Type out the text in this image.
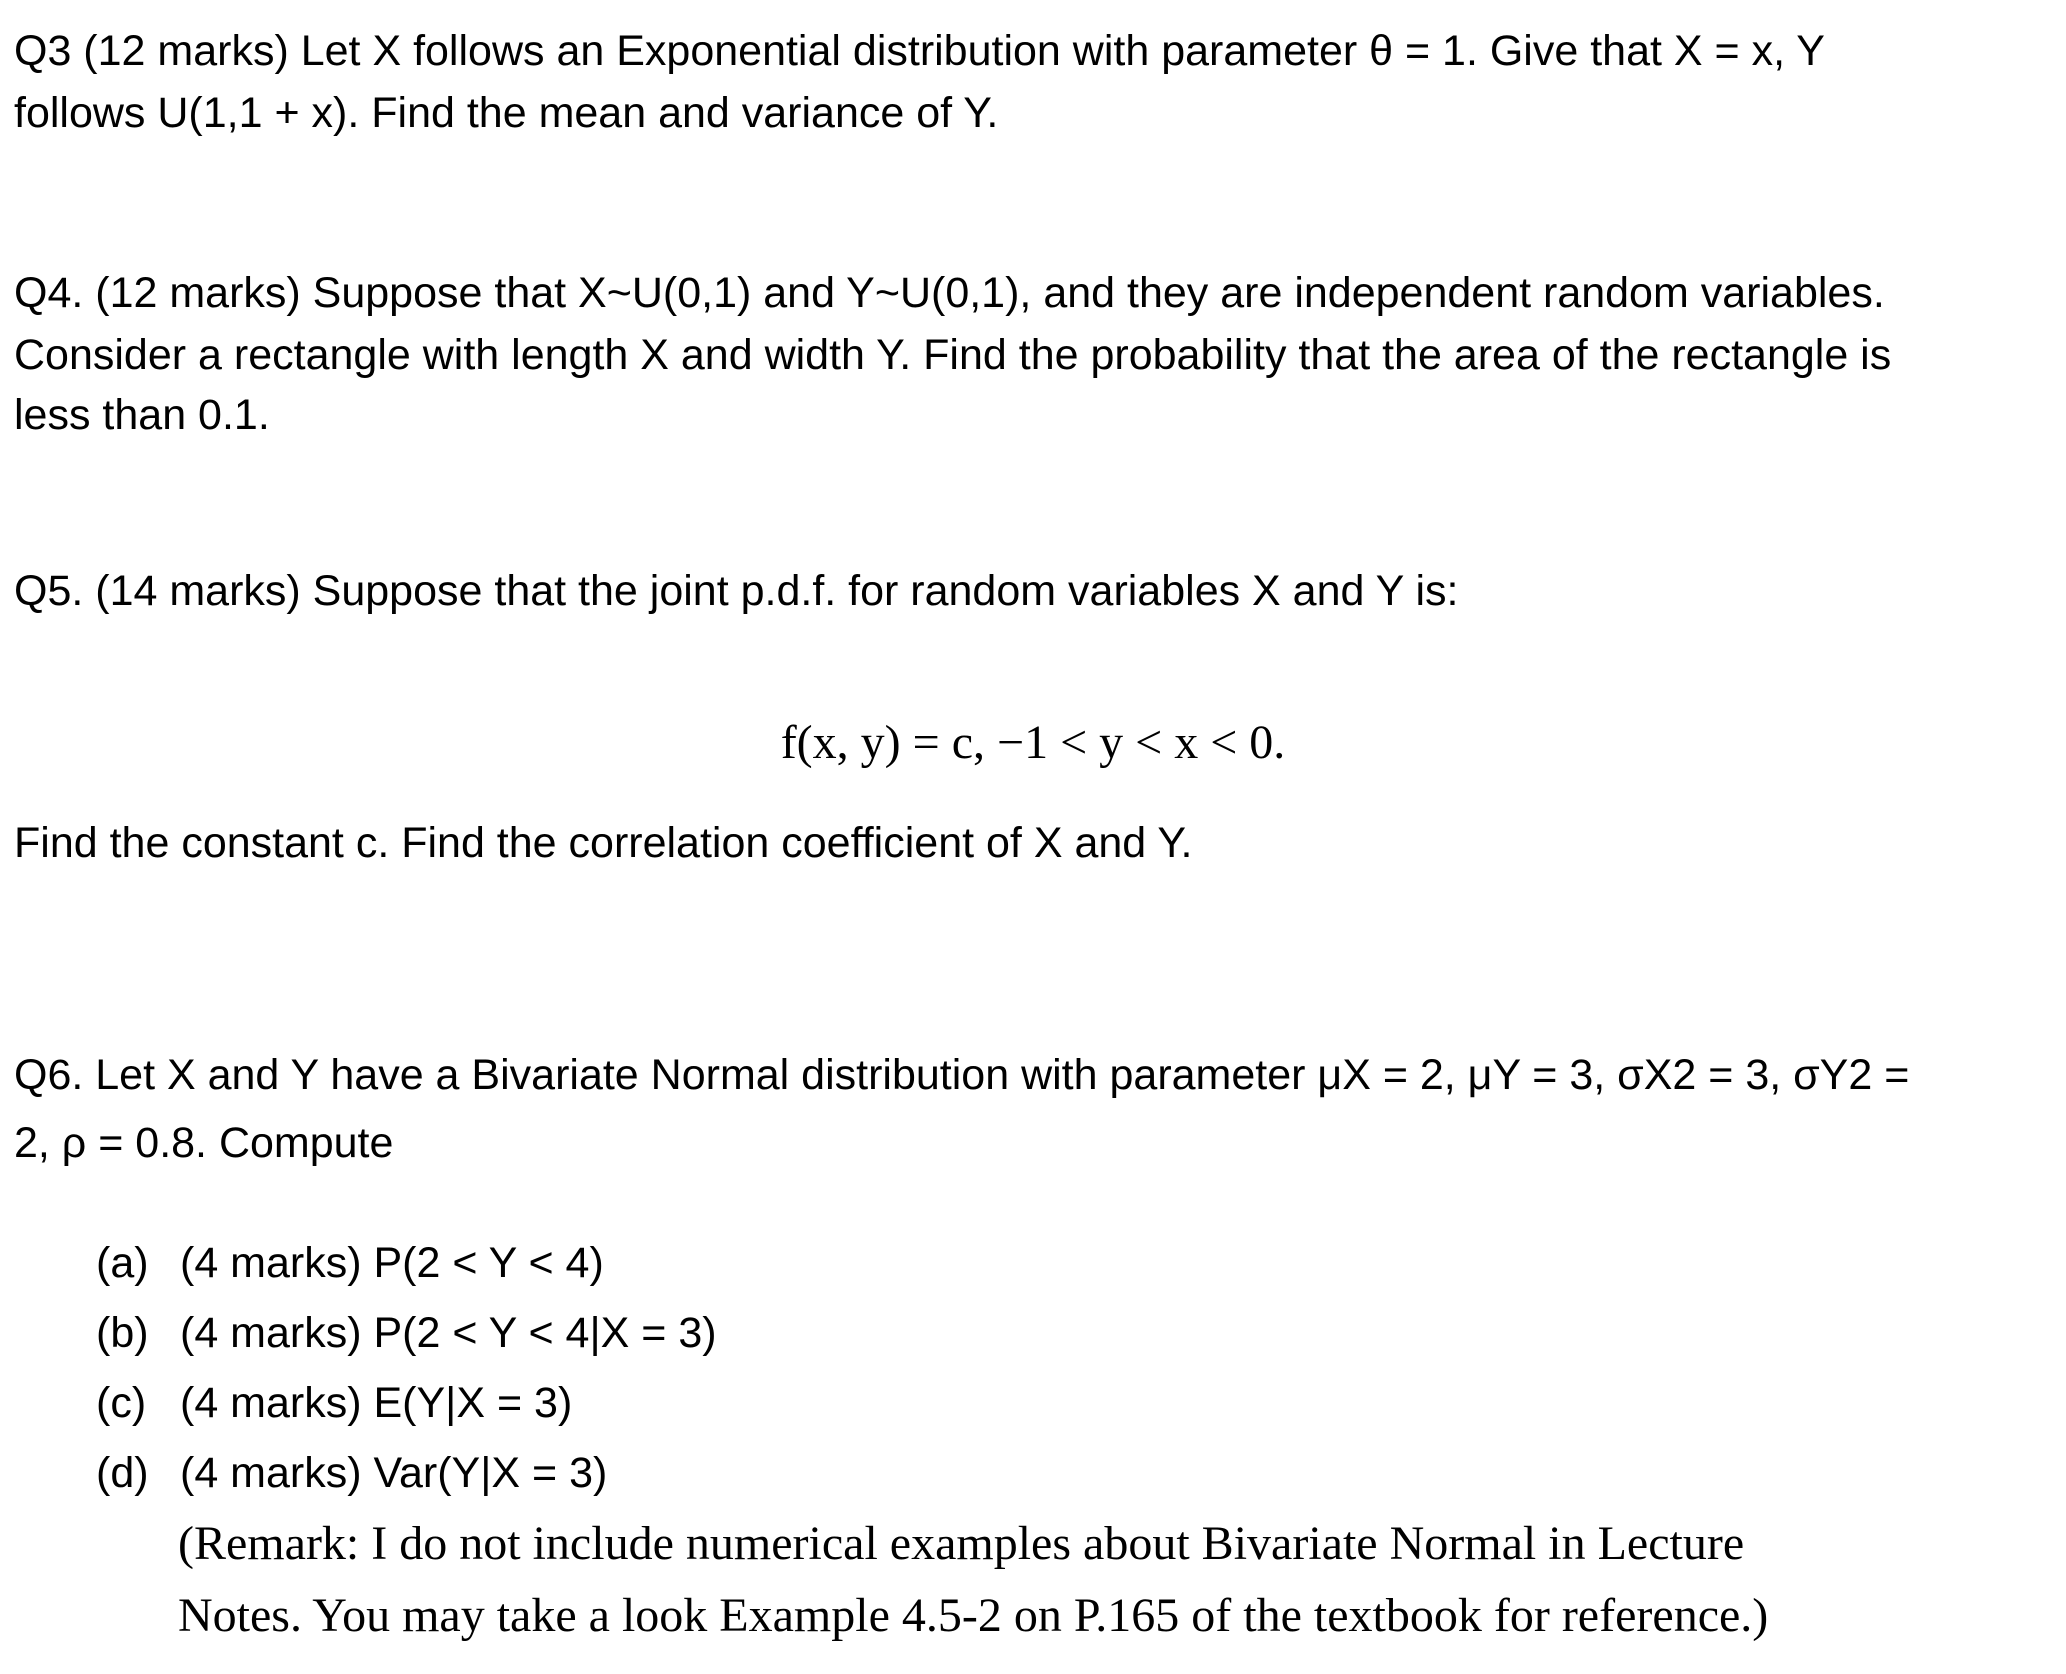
Q3 (12 marks) Let X follows an Exponential distribution with parameter θ = 1. Give that X = x, Y
follows U(1,1 + x). Find the mean and variance of Y.
Q4. (12 marks) Suppose that X~U(0,1) and Y~U(0,1), and they are independent random variables.
Consider a rectangle with length X and width Y. Find the probability that the area of the rectangle is
less than 0.1.
Q5. (14 marks) Suppose that the joint p.d.f. for random variables X and Y is:
f(x, y) = c, −1 < y < x < 0.
Find the constant c. Find the correlation coefficient of X and Y.
Q6. Let X and Y have a Bivariate Normal distribution with parameter μX = 2, μY = 3, σX2 = 3, σY2 =
2, ρ = 0.8. Compute
(a) (4 marks) P(2 < Y < 4)
(b) (4 marks) P(2 < Y < 4|X = 3)
(c) (4 marks) E(Y|X = 3)
(d) (4 marks) Var(Y|X = 3)
(Remark: I do not include numerical examples about Bivariate Normal in Lecture
Notes. You may take a look Example 4.5-2 on P.165 of the textbook for reference.)
